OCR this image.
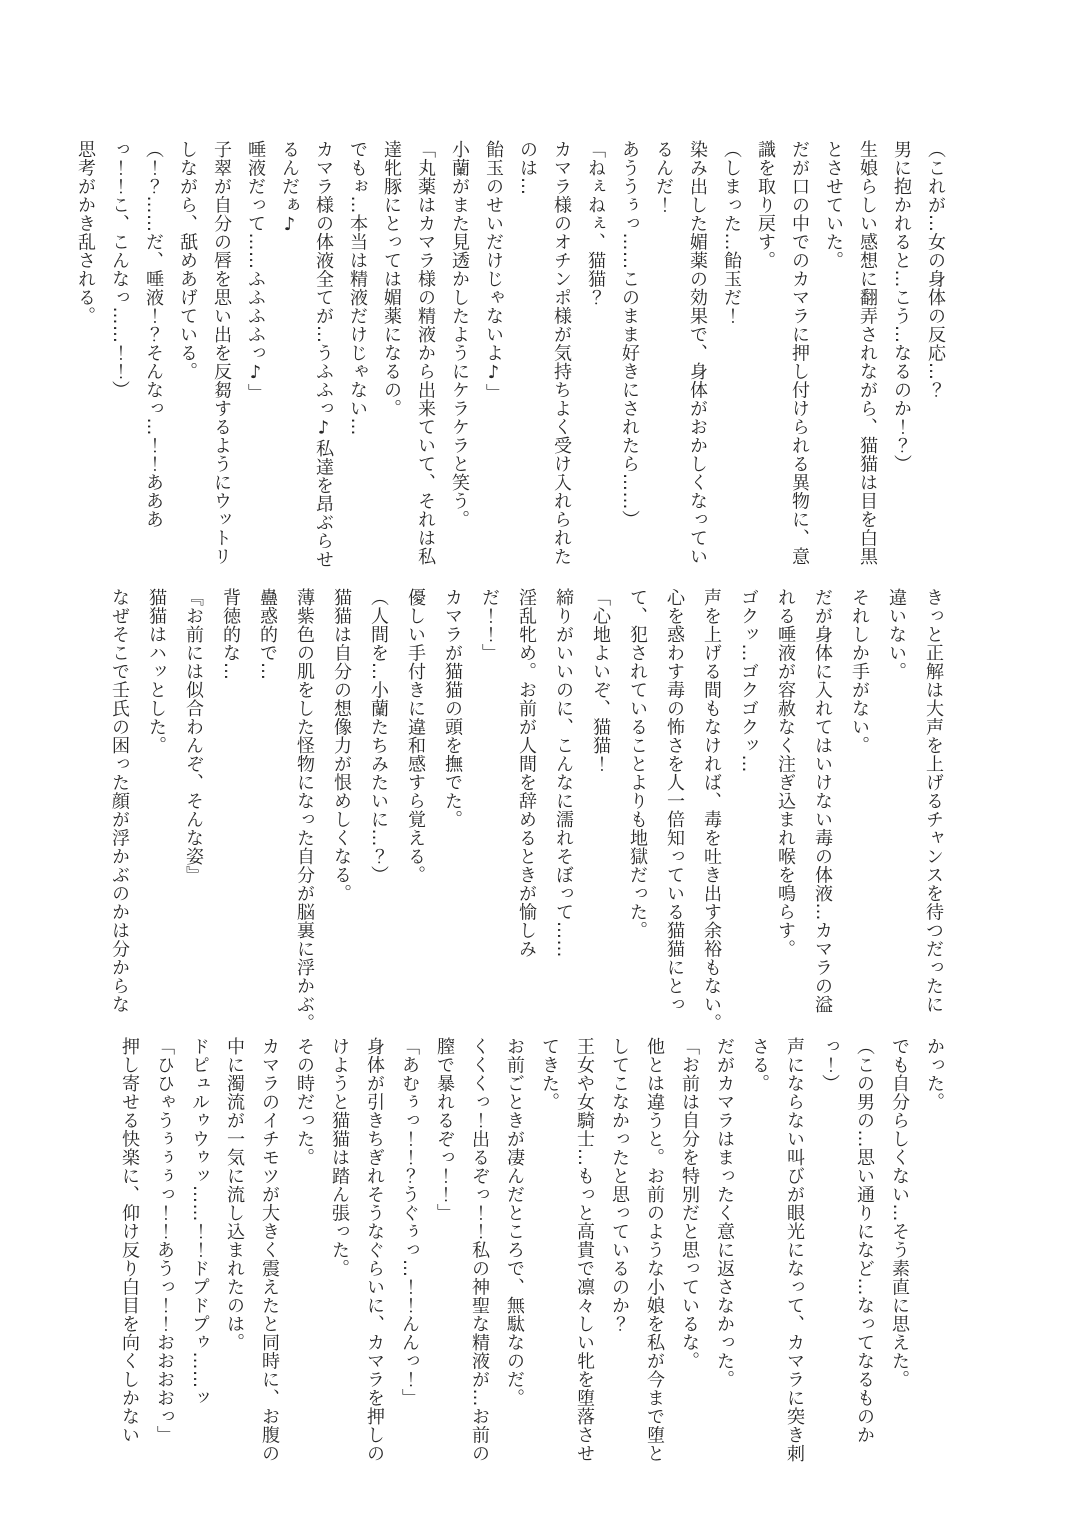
（これが…女の身体の反応…？

男に抱かれると…こう…なるのか！？）

生娘らしい感想に翻弄されながら、猫猫は目を白黒

とさせていた。

だが口の中でのカマラに押し付けられる異物に、意

識を取り戻す。

（しまった…飴玉だ！

染み出した媚薬の効果で、身体がおかしくなってい

るんだ！

あううぅっ……このまま好きにされたら……）

「ねぇねぇ、猫猫？

カマラ様のオチンポ様が気持ちよく受け入れられた

のは…

飴玉のせいだけじゃないよ♪」

小蘭がまた見透かしたようにケラケラと笑う。

「丸薬はカマラ様の精液から出来ていて、それは私

達牝豚にとっては媚薬になるの。

でもぉ…本当は精液だけじゃない…

カマラ様の体液全てが…うふふっ♪私達を昂ぶらせ

るんだぁ♪

唾液だって……ふふふふっ♪」

子翠が自分の唇を思い出を反芻するようにウットリ

しながら、舐めあげている。

（！？……だ、唾液！？そんなっ…！！あああ

っ！！こ、こんなっ……！！）

思考がかき乱される。

きっと正解は大声を上げるチャンスを待つだったに

違いない。

それしか手がない。

だが身体に入れてはいけない毒の体液…カマラの溢

れる唾液が容赦なく注ぎ込まれ喉を鳴らす。

ゴクッ…ゴクゴクッ…

声を上げる間もなければ、毒を吐き出す余裕もない。

心を惑わす毒の怖さを人一倍知っている猫猫にとっ

て、犯されていることよりも地獄だった。

「心地よいぞ、猫猫！

締りがいいのに、こんなに濡れそぼって……

淫乱牝め。お前が人間を辞めるときが愉しみ

だ！！」

カマラが猫猫の頭を撫でた。

優しい手付きに違和感すら覚える。

（人間を…小蘭たちみたいに…？）

猫猫は自分の想像力が恨めしくなる。

薄紫色の肌をした怪物になった自分が脳裏に浮かぶ。

蠱惑的で…

背徳的な…

『お前には似合わんぞ、そんな姿』

猫猫はハッとした。

なぜそこで壬氏の困った顔が浮かぶのかは分からな

かった。

でも自分らしくない…そう素直に思えた。

（この男の…思い通りになど…なってなるものか

っ！）

声にならない叫びが眼光になって、カマラに突き刺

さる。

だがカマラはまったく意に返さなかった。

「お前は自分を特別だと思っているな。

他とは違うと。お前のような小娘を私が今まで堕と

してこなかったと思っているのか？

王女や女騎士…もっと高貴で凛々しい牝を堕落させ

てきた。

お前ごときが凄んだところで、無駄なのだ。

くくくっ！出るぞっ！！私の神聖な精液が…お前の

膣で暴れるぞっ！！」

「あむぅっ！！？うぐぅっ…！！んんっ！」

身体が引きちぎれそうなぐらいに、カマラを押しの

けようと猫猫は踏ん張った。

その時だった。

カマラのイチモツが大きく震えたと同時に、お腹の

中に濁流が一気に流し込まれたのは。

ドピュルゥウゥッ……！！ドプドプゥ……ッ

「ひひゃうぅぅぅっ！！あうっ！！おおおおっ」

押し寄せる快楽に、仰け反り白目を向くしかない
